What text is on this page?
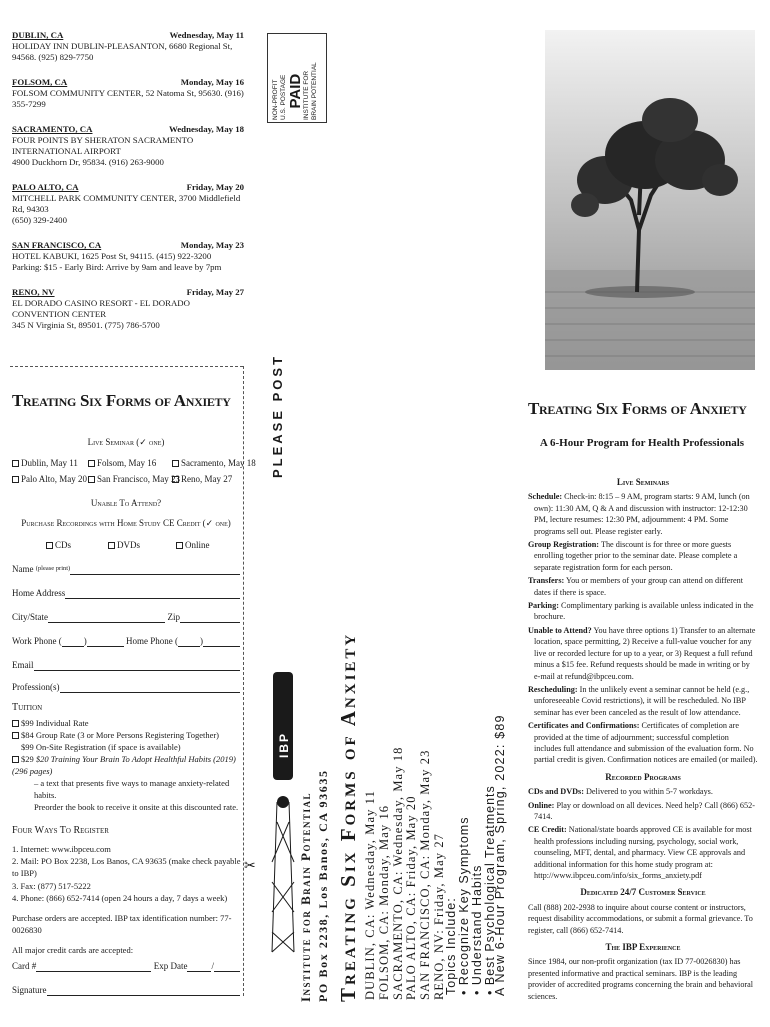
DUBLIN, CA	Wednesday, May 11
HOLIDAY INN DUBLIN-PLEASANTON, 6680 Regional St, 94568. (925) 829-7750
FOLSOM, CA	Monday, May 16
FOLSOM COMMUNITY CENTER, 52 Natoma St, 95630. (916) 355-7299
SACRAMENTO, CA	Wednesday, May 18
FOUR POINTS BY SHERATON SACRAMENTO INTERNATIONAL AIRPORT
4900 Duckhorn Dr, 95834. (916) 263-9000
PALO ALTO, CA	Friday, May 20
MITCHELL PARK COMMUNITY CENTER, 3700 Middlefield Rd, 94303
(650) 329-2400
SAN FRANCISCO, CA	Monday, May 23
HOTEL KABUKI, 1625 Post St, 94115. (415) 922-3200
Parking: $15 - Early Bird: Arrive by 9am and leave by 7pm
RENO, NV	Friday, May 27
EL DORADO CASINO RESORT - EL DORADO CONVENTION CENTER
345 N Virginia St, 89501. (775) 786-5700
Treating Six Forms of Anxiety
Live Seminar (✓ one)
Dublin, May 11	Folsom, May 16	Sacramento, May 18
Palo Alto, May 20	San Francisco, May 23 Reno, May 27
Unable To Attend?
Purchase Recordings with Home Study CE Credit (✓ one)
CDs	DVDs	Online
Name
(please print)
Home Address
City/State
	Zip
Work Phone ( )
	Home Phone ( )
Email
Profession(s)
Tuition
$99 Individual Rate
$84 Group Rate (3 or More Persons Registering Together)
$99 On-Site Registration (if space is available)
$29 $20 Training Your Brain To Adopt Healthful Habits (2019) (296 pages)
– a text that presents five ways to manage anxiety-related habits.
Preorder the book to receive it onsite at this discounted rate.
Four Ways To Register
1. Internet: www.ibpceu.com
2. Mail: PO Box 2238, Los Banos, CA 93635 (make check payable to IBP)
3. Fax: (877) 517-5222
4. Phone: (866) 652-7414 (open 24 hours a day, 7 days a week)
Purchase orders are accepted. IBP tax identification number: 77-0026830
All major credit cards are accepted:
Card #
	Exp Date	/
Signature
✂
NON-PROFIT U.S. POSTAGE PAID INSTITUTE FOR BRAIN POTENTIAL
PLEASE POST
IBP
Institute for Brain Potential PO Box 2238, Los Banos, CA 93635 Treating Six Forms of Anxiety DUBLIN, CA: Wednesday, May 11 FOLSOM, CA: Monday, May 16 SACRAMENTO, CA: Wednesday, May 18 PALO ALTO, CA: Friday, May 20 SAN FRANCISCO, CA: Monday, May 23 RENO, NV: Friday, May 27
Topics Include: • Recognize Key Symptoms
• Understand Habits
• Best Psychological Treatments
A New 6-Hour Program, Spring, 2022: $89
Treating Six Forms of Anxiety
A 6-Hour Program for Health Professionals
Live Seminars
Schedule: Check-in: 8:15 – 9 AM, program starts: 9 AM, lunch (on own): 11:30 AM, Q & A and discussion with instructor: 12-12:30 PM, lecture resumes: 12:30 PM, adjournment: 4 PM. Some programs sell out. Please register early.
Group Registration: The discount is for three or more guests enrolling together prior to the seminar date. Please complete a separate registration form for each person.
Transfers: You or members of your group can attend on different dates if there is space.
Parking: Complimentary parking is available unless indicated in the brochure.
Unable to Attend? You have three options 1) Transfer to an alternate location, space permitting, 2) Receive a full-value voucher for any live or recorded lecture for up to a year, or 3) Request a full refund minus a $15 fee. Refund requests should be made in writing or by e-mail at refund@ibpceu.com.
Rescheduling: In the unlikely event a seminar cannot be held (e.g., unforeseeable Covid restrictions), it will be rescheduled. No IBP seminar has ever been canceled as the result of low attendance.
Certificates and Confirmations: Certificates of completion are provided at the time of adjournment; successful completion includes full attendance and submission of the evaluation form. No partial credit is given. Confirmation notices are emailed (or mailed).
Recorded Programs
CDs and DVDs: Delivered to you within 5-7 workdays.
Online: Play or download on all devices. Need help? Call (866) 652-7414.
CE Credit: National/state boards approved CE is available for most health professions including nursing, psychology, social work, counseling, MFT, dental, and pharmacy. View CE approvals and additional information for this home study program at: http://www.ibpceu.com/info/six_forms_anxiety.pdf
Dedicated 24/7 Customer Service
Call (888) 202-2938 to inquire about course content or instructors, request disability accommodations, or submit a formal grievance. To register, call (866) 652-7414.
The IBP Experience
Since 1984, our non-profit organization (tax ID 77-0026830) has presented informative and practical seminars. IBP is the leading provider of accredited programs concerning the brain and behavioral sciences.
